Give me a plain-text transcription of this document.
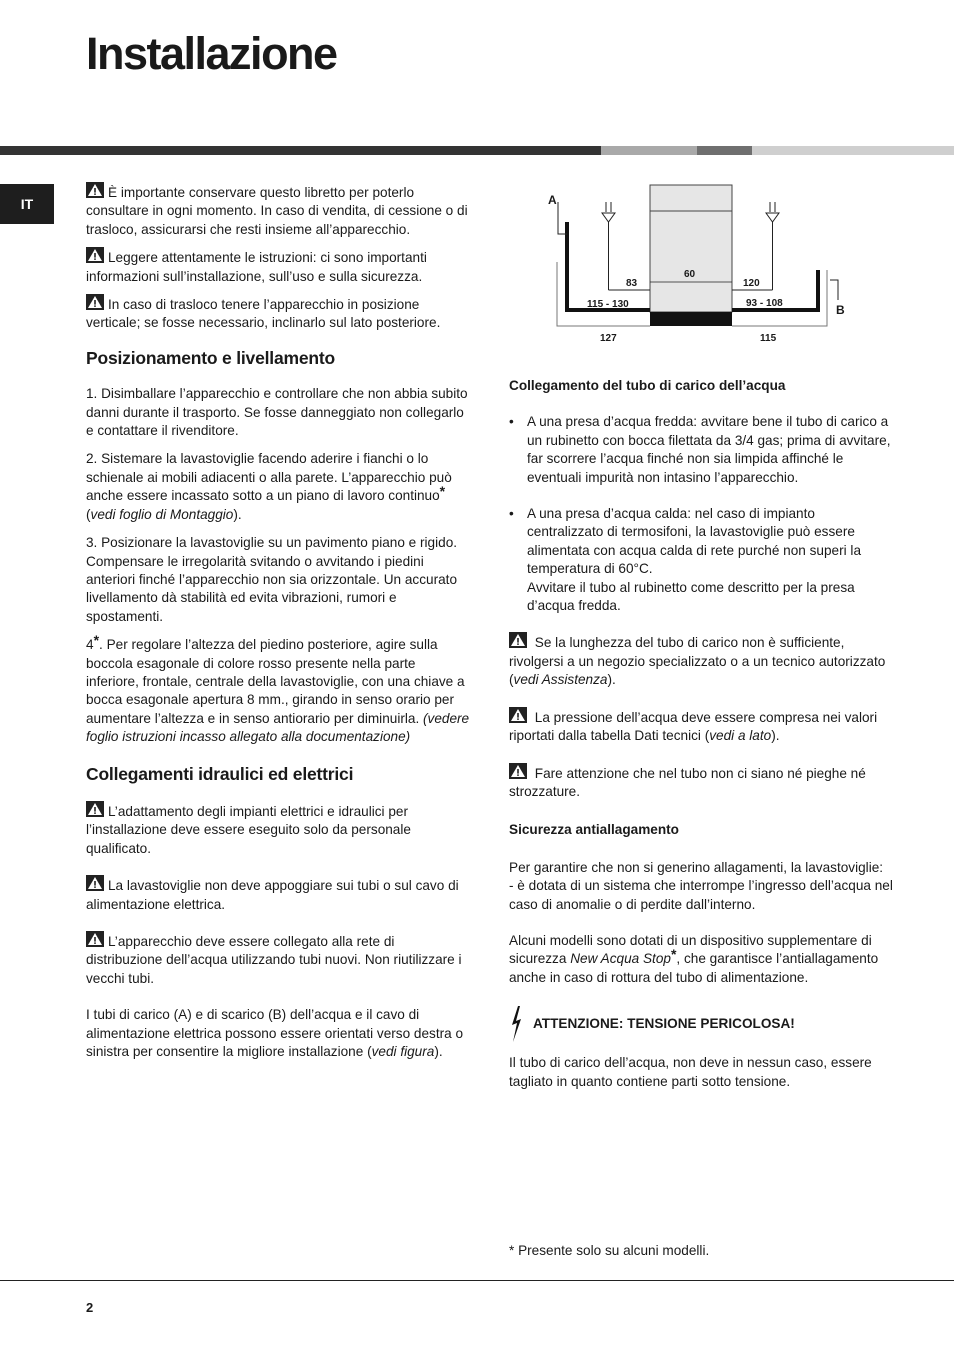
Installazione
IT

È importante conservare questo libretto per poterlo consultare in ogni momento. In caso di vendita, di cessione o di trasloco, assicurarsi che resti insieme all’apparecchio.

Leggere attentamente le istruzioni: ci sono importanti informazioni sull’installazione, sull’uso e sulla sicurezza.

In caso di trasloco tenere l’apparecchio in posizione verticale; se fosse necessario, inclinarlo sul lato posteriore.

Posizionamento e livellamento

1. Disimballare l’apparecchio e controllare che non abbia subito danni durante il trasporto. Se fosse danneggiato non collegarlo e contattare il rivenditore.

2. Sistemare la lavastoviglie facendo aderire i fianchi o lo schienale ai mobili adiacenti o alla parete. L’apparecchio può anche essere incassato sotto a un piano di lavoro continuo* (vedi foglio di Montaggio).

3. Posizionare la lavastoviglie su un pavimento piano e rigido. Compensare le irregolarità svitando o avvitando i piedini anteriori finché l’apparecchio non sia orizzontale. Un accurato livellamento dà stabilità ed evita vibrazioni, rumori e spostamenti.

4*. Per regolare l’altezza del piedino posteriore, agire sulla boccola esagonale di colore rosso presente nella parte inferiore, frontale, centrale della lavastoviglie, con una chiave a bocca esagonale apertura 8 mm., girando in senso orario per aumentare l’altezza e in senso antiorario per diminuirla. (vedere foglio istruzioni incasso allegato alla documentazione)

Collegamenti idraulici ed elettrici

L’adattamento degli impianti elettrici e idraulici per l’installazione deve essere eseguito solo da personale qualificato.

La lavastoviglie non deve appoggiare sui tubi o sul cavo di alimentazione elettrica.

L’apparecchio deve essere collegato alla rete di distribuzione dell’acqua utilizzando tubi nuovi. Non riutilizzare i vecchi tubi.

I tubi di carico (A) e di scarico (B) dell’acqua e il cavo di alimentazione elettrica possono essere orientati verso destra o sinistra per consentire la migliore installazione (vedi figura).

A
B
83
60
120
115 - 130	93 - 108
127	115
Collegamento del tubo di carico dell’acqua
• A una presa d’acqua fredda: avvitare bene il tubo di carico a un rubinetto con bocca filettata da 3/4 gas; prima di avvitare, far scorrere l’acqua finché non sia limpida affinché le eventuali impurità non intasino l’apparecchio.
• A una presa d’acqua calda: nel caso di impianto centralizzato di termosifoni, la lavastoviglie può essere alimentata con acqua calda di rete purché non superi la temperatura di 60°C.
Avvitare il tubo al rubinetto come descritto per la presa d’acqua fredda.

Se la lunghezza del tubo di carico non è sufficiente, rivolgersi a un negozio specializzato o a un tecnico autorizzato (vedi Assistenza).

La pressione dell’acqua deve essere compresa nei valori riportati dalla tabella Dati tecnici (vedi a lato).

Fare attenzione che nel tubo non ci siano né pieghe né strozzature.

Sicurezza antiallagamento

Per garantire che non si generino allagamenti, la lavastoviglie:
- è dotata di un sistema che interrompe l’ingresso dell’acqua nel caso di anomalie o di perdite dall’interno.

Alcuni modelli sono dotati di un dispositivo supplementare di sicurezza New Acqua Stop*, che garantisce l’antiallagamento anche in caso di rottura del tubo di alimentazione.

ATTENZIONE: TENSIONE PERICOLOSA!

Il tubo di carico dell’acqua, non deve in nessun caso, essere tagliato in quanto contiene parti sotto tensione.

* Presente solo su alcuni modelli.
2
